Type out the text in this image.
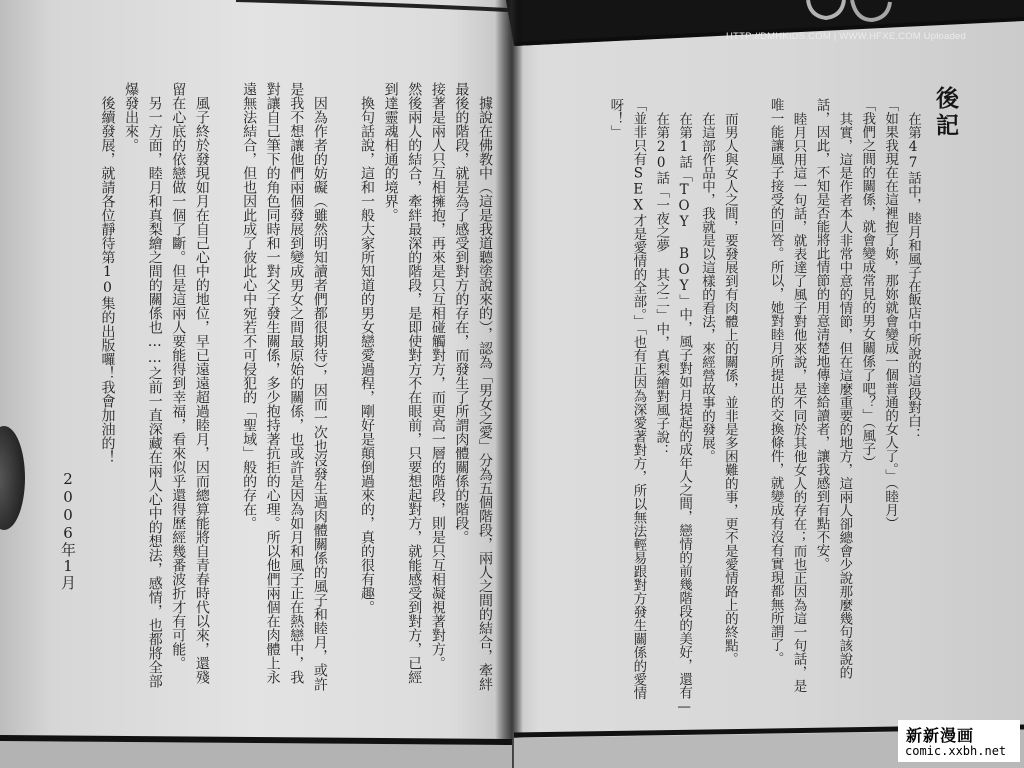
HTTP://DMHKIDS.COM | WWW.HFXE.COM Uploaded
後記
在第47話中，睦月和風子在飯店中所說的這段對白：
「如果我現在在這裡抱了妳，那妳就會變成一個普通的女人了。」（睦月）
「我們之間的關係，就會變成常見的男女關係了吧？」（風子）
其實，這是作者本人非常中意的情節，但在這麼重要的地方，這兩人卻總會少說那麼幾句該說的
話，因此，不知是否能將此情節的用意清楚地傳達給讀者，讓我感到有點不安。
睦月只用這一句話，就表達了風子對他來說，是不同於其他女人的存在；而也正因為這一句話，是
唯一能讓風子接受的回答。所以，她對睦月所提出的交換條件，就變成有沒有實現都無所謂了。
而男人與女人之間，要發展到有肉體上的關係，並非是多困難的事，更不是愛情路上的終點。
在這部作品中，我就是以這樣的看法，來經營故事的發展。
在第1話「TOY BOY」中，風子對如月提起的成年人之間，戀情的前幾階段的美好，還有—
在第20話「一夜之夢 其之二」中，真梨繪對風子說：
「並非只有SEX才是愛情的全部。」「也有正因為深愛著對方，所以無法輕易跟對方發生關係的愛情
呀！」
據說在佛教中（這是我道聽塗說來的），認為「男女之愛」分為五個階段，兩人之間的結合，牽絆
最後的階段，就是為了感受到對方的存在，而發生了所謂肉體關係的階段。
接著是兩人只互相擁抱，再來是只互相碰觸對方，而更高一層的階段，則是只互相凝視著對方。
然後兩人的結合，牽絆最深的階段，是即使對方不在眼前，只要想起對方，就能感受到對方，已經
到達靈魂相通的境界。
換句話說，這和一般大家所知道的男女戀愛過程，剛好是顛倒過來的，真的很有趣。
因為作者的妨礙（雖然明知讀者們都很期待），因而一次也沒發生過肉體關係的風子和睦月，或許
是我不想讓他們兩個發展到變成男女之間最原始的關係，也或許是因為如月和風子正在熱戀中，我
對讓自己筆下的角色同時和一對父子發生關係，多少抱持著抗拒的心理。所以他們兩個在肉體上永
遠無法結合，但也因此成了彼此心中宛若不可侵犯的「聖域」般的存在。
風子終於發現如月在自己心中的地位，早已遠遠超過睦月，因而總算能將自青春時代以來，還殘
留在心底的依戀做一個了斷。但是這兩人要能得到幸福，看來似乎還得歷經幾番波折才有可能。
另一方面，睦月和真梨繪之間的關係也……之前一直深藏在兩人心中的想法，感情，也都將全部
爆發出來。
後續發展，就請各位靜待第10集的出版囉！我會加油的！
2006年1月
新新漫画
comic.xxbh.net
